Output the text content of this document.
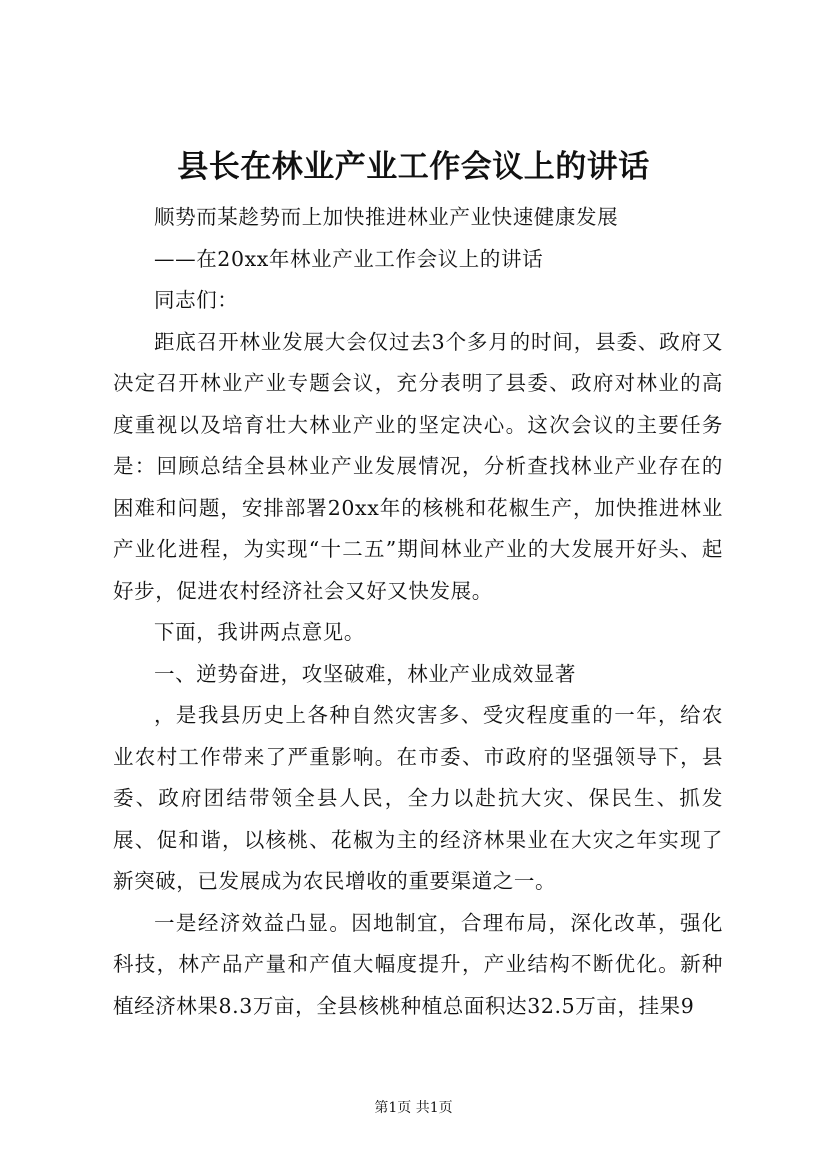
县长在林业产业工作会议上的讲话

顺势而某趁势而上加快推进林业产业快速健康发展

——在20xx年林业产业工作会议上的讲话

同志们：

距底召开林业发展大会仅过去3个多月的时间，县委、政府又决定召开林业产业专题会议，充分表明了县委、政府对林业的高度重视以及培育壮大林业产业的坚定决心。这次会议的主要任务是：回顾总结全县林业产业发展情况，分析查找林业产业存在的困难和问题，安排部署20xx年的核桃和花椒生产，加快推进林业产业化进程，为实现“十二五”期间林业产业的大发展开好头、起好步，促进农村经济社会又好又快发展。

下面，我讲两点意见。

一、逆势奋进，攻坚破难，林业产业成效显著

，是我县历史上各种自然灾害多、受灾程度重的一年，给农业农村工作带来了严重影响。在市委、市政府的坚强领导下，县委、政府团结带领全县人民，全力以赴抗大灾、保民生、抓发展、促和谐，以核桃、花椒为主的经济林果业在大灾之年实现了新突破，已发展成为农民增收的重要渠道之一。

一是经济效益凸显。因地制宜，合理布局，深化改革，强化科技，林产品产量和产值大幅度提升，产业结构不断优化。新种植经济林果8.3万亩，全县核桃种植总面积达32.5万亩，挂果9

第1页 共1页
